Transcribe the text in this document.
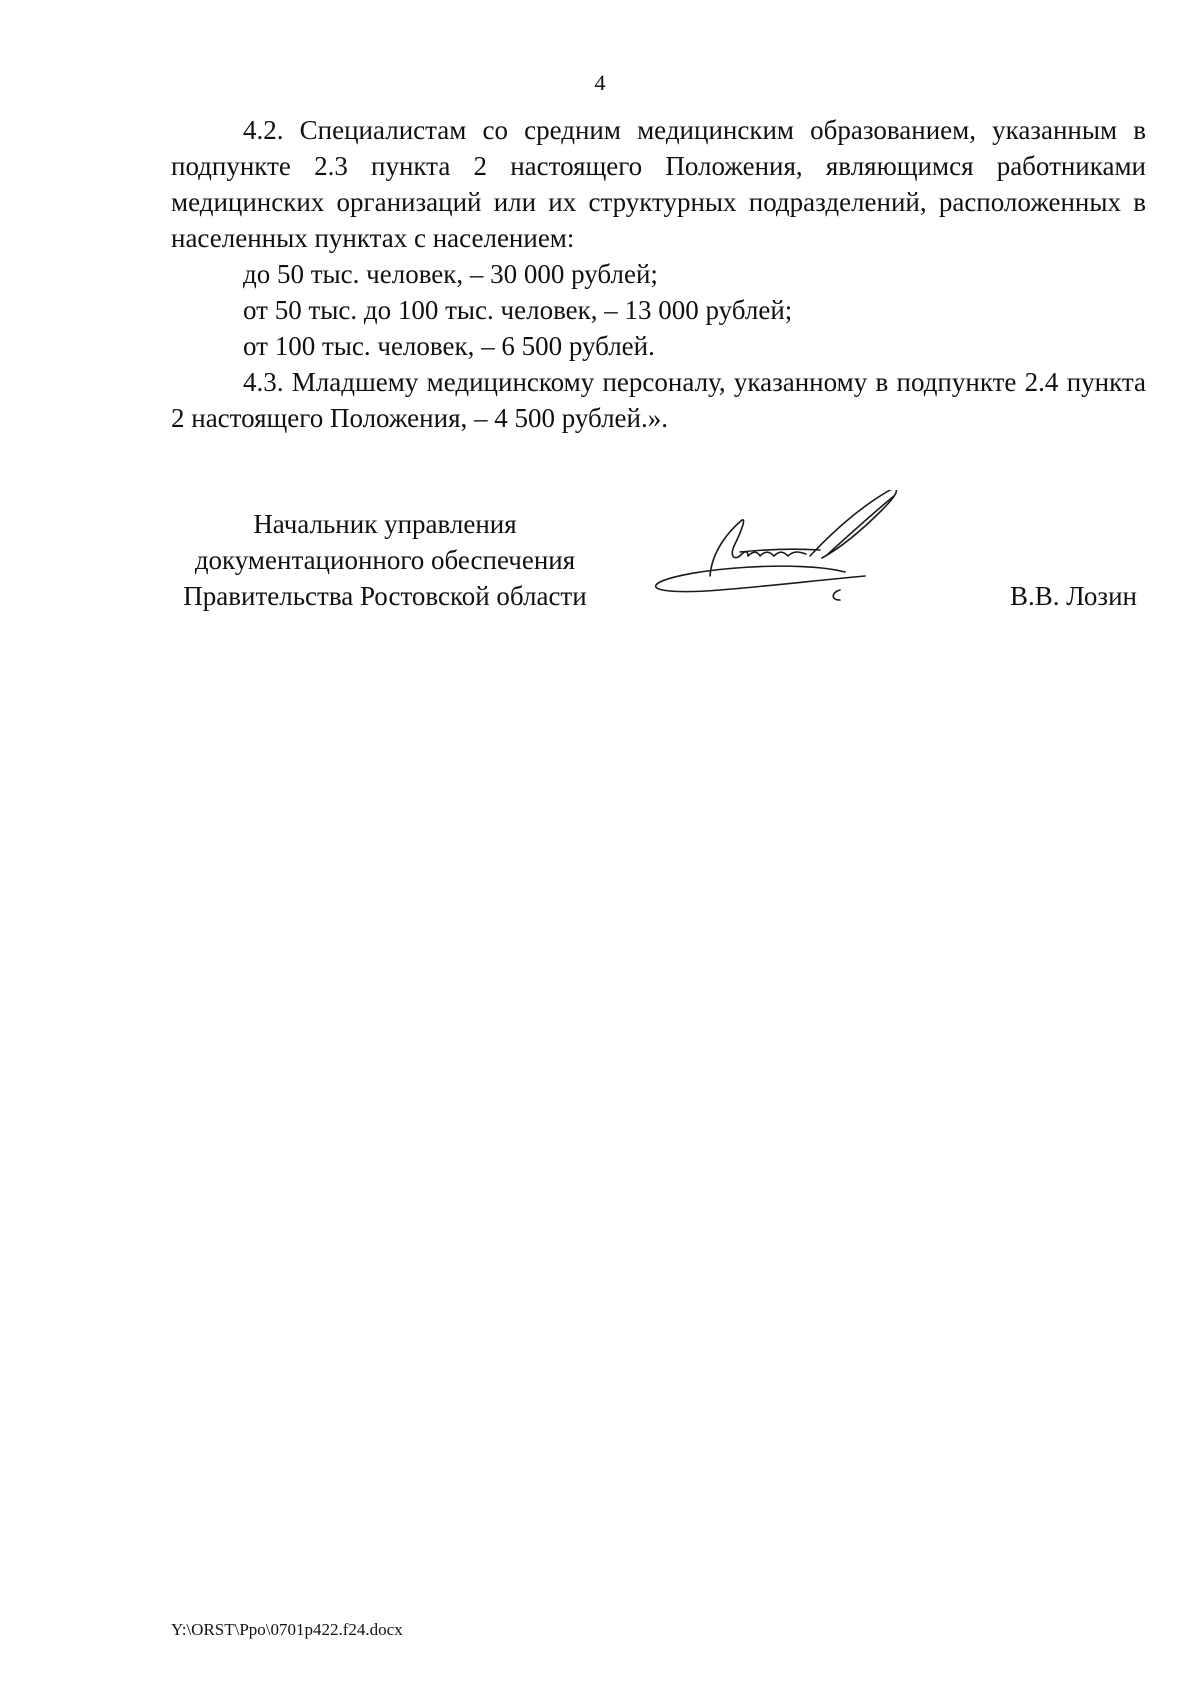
4

4.2. Специалистам со средним медицинским образованием, указанным в подпункте 2.3 пункта 2 настоящего Положения, являющимся работниками медицинских организаций или их структурных подразделений, расположенных в населенных пунктах с населением:

до 50 тыс. человек, – 30 000 рублей;

от 50 тыс. до 100 тыс. человек, – 13 000 рублей;

от 100 тыс. человек, – 6 500 рублей.

4.3. Младшему медицинскому персоналу, указанному в подпункте 2.4 пункта 2 настоящего Положения, – 4 500 рублей.».

Начальник управления
документационного обеспечения
Правительства Ростовской области	В.В. Лозин
Y:\ORST\Ppo\0701p422.f24.docx
